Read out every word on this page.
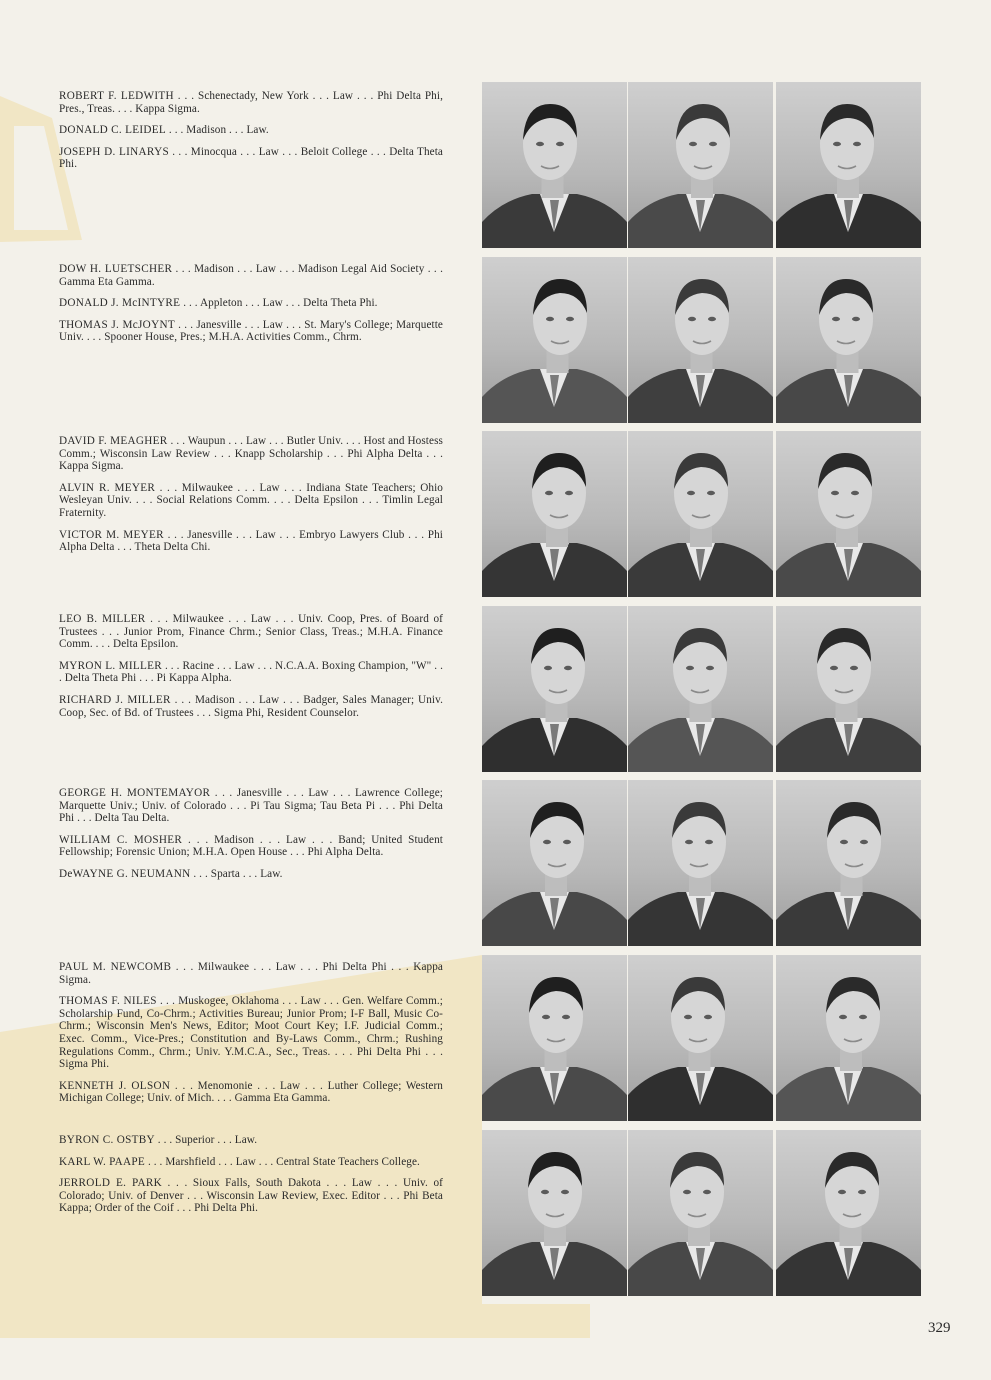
ROBERT F. LEDWITH . . . Schenectady, New York . . . Law . . . Phi Delta Phi, Pres., Treas. . . . Kappa Sigma.

DONALD C. LEIDEL . . . Madison . . . Law.

JOSEPH D. LINARYS . . . Minocqua . . . Law . . . Beloit College . . . Delta Theta Phi.

DOW H. LUETSCHER . . . Madison . . . Law . . . Madison Legal Aid Society . . . Gamma Eta Gamma.

DONALD J. McINTYRE . . . Appleton . . . Law . . . Delta Theta Phi.

THOMAS J. McJOYNT . . . Janesville . . . Law . . . St. Mary's College; Marquette Univ. . . . Spooner House, Pres.; M.H.A. Activities Comm., Chrm.

DAVID F. MEAGHER . . . Waupun . . . Law . . . Butler Univ. . . . Host and Hostess Comm.; Wisconsin Law Review . . . Knapp Scholarship . . . Phi Alpha Delta . . . Kappa Sigma.

ALVIN R. MEYER . . . Milwaukee . . . Law . . . Indiana State Teachers; Ohio Wesleyan Univ. . . . Social Relations Comm. . . . Delta Epsilon . . . Timlin Legal Fraternity.

VICTOR M. MEYER . . . Janesville . . . Law . . . Embryo Lawyers Club . . . Phi Alpha Delta . . . Theta Delta Chi.

LEO B. MILLER . . . Milwaukee . . . Law . . . Univ. Coop, Pres. of Board of Trustees . . . Junior Prom, Finance Chrm.; Senior Class, Treas.; M.H.A. Finance Comm. . . . Delta Epsilon.

MYRON L. MILLER . . . Racine . . . Law . . . N.C.A.A. Boxing Champion, "W" . . . Delta Theta Phi . . . Pi Kappa Alpha.

RICHARD J. MILLER . . . Madison . . . Law . . . Badger, Sales Manager; Univ. Coop, Sec. of Bd. of Trustees . . . Sigma Phi, Resident Counselor.

GEORGE H. MONTEMAYOR . . . Janesville . . . Law . . . Lawrence College; Marquette Univ.; Univ. of Colorado . . . Pi Tau Sigma; Tau Beta Pi . . . Phi Delta Phi . . . Delta Tau Delta.

WILLIAM C. MOSHER . . . Madison . . . Law . . . Band; United Student Fellowship; Forensic Union; M.H.A. Open House . . . Phi Alpha Delta.

DeWAYNE G. NEUMANN . . . Sparta . . . Law.

PAUL M. NEWCOMB . . . Milwaukee . . . Law . . . Phi Delta Phi . . . Kappa Sigma.

THOMAS F. NILES . . . Muskogee, Oklahoma . . . Law . . . Gen. Welfare Comm.; Scholarship Fund, Co-Chrm.; Activities Bureau; Junior Prom; I-F Ball, Music Co-Chrm.; Wisconsin Men's News, Editor; Moot Court Key; I.F. Judicial Comm.; Exec. Comm., Vice-Pres.; Constitution and By-Laws Comm., Chrm.; Rushing Regulations Comm., Chrm.; Univ. Y.M.C.A., Sec., Treas. . . . Phi Delta Phi . . . Sigma Phi.

KENNETH J. OLSON . . . Menomonie . . . Law . . . Luther College; Western Michigan College; Univ. of Mich. . . . Gamma Eta Gamma.

BYRON C. OSTBY . . . Superior . . . Law.

KARL W. PAAPE . . . Marshfield . . . Law . . . Central State Teachers College.

JERROLD E. PARK . . . Sioux Falls, South Dakota . . . Law . . . Univ. of Colorado; Univ. of Denver . . . Wisconsin Law Review, Exec. Editor . . . Phi Beta Kappa; Order of the Coif . . . Phi Delta Phi.

329
